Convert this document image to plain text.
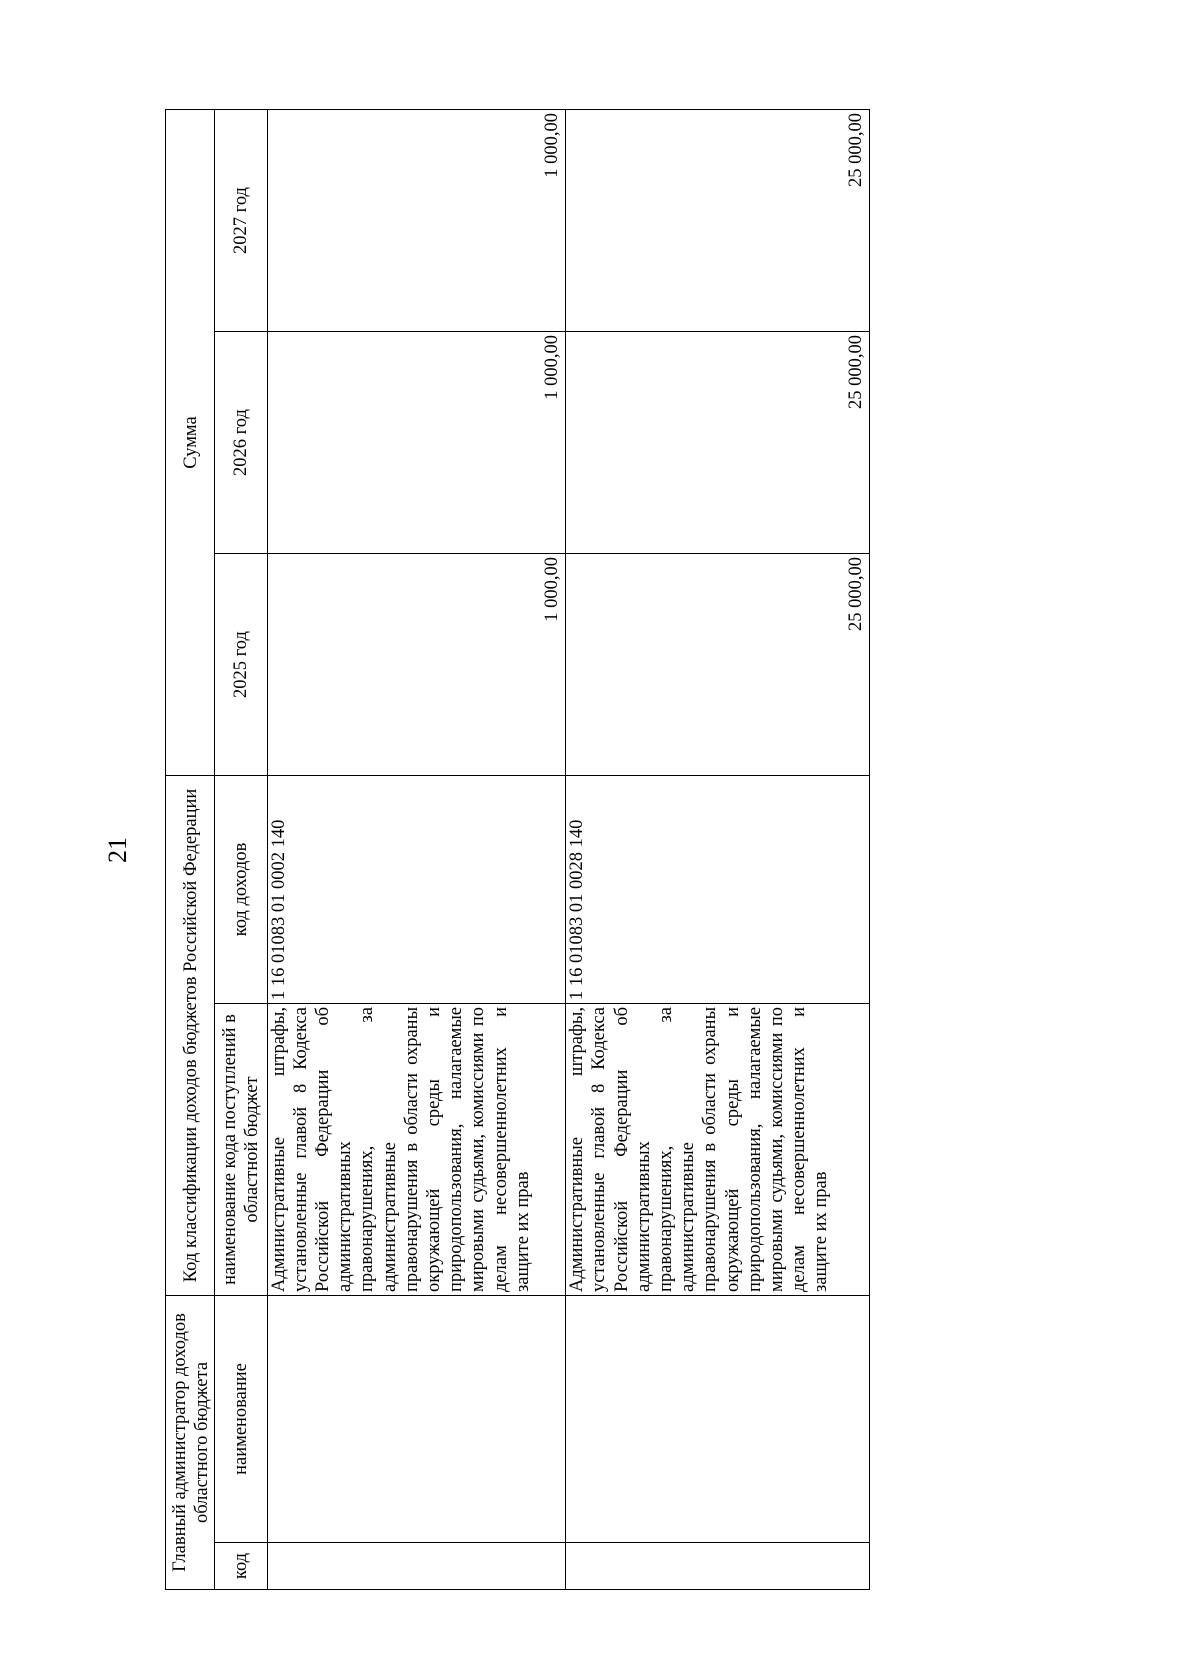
21
Главный администратор доходов областного бюджета		Код классификации доходов бюджетов Российской Федерации		Сумма		
код	наименование	наименование кода поступлений в областной бюджет	код доходов	2025 год	2026 год	2027 год
		Административные штрафы, установленные главой 8 Кодекса Российской Федерации об административных правонарушениях, за административные правонарушения в области охраны окружающей среды и природопользования, налагаемые мировыми судьями, комиссиями по делам несовершеннолетних и защите их прав	1 16 01083 01 0002 140	1 000,00	1 000,00	1 000,00
		Административные штрафы, установленные главой 8 Кодекса Российской Федерации об административных правонарушениях, за административные правонарушения в области охраны окружающей среды и природопользования, налагаемые мировыми судьями, комиссиями по делам несовершеннолетних и защите их прав	1 16 01083 01 0028 140	25 000,00	25 000,00	25 000,00
